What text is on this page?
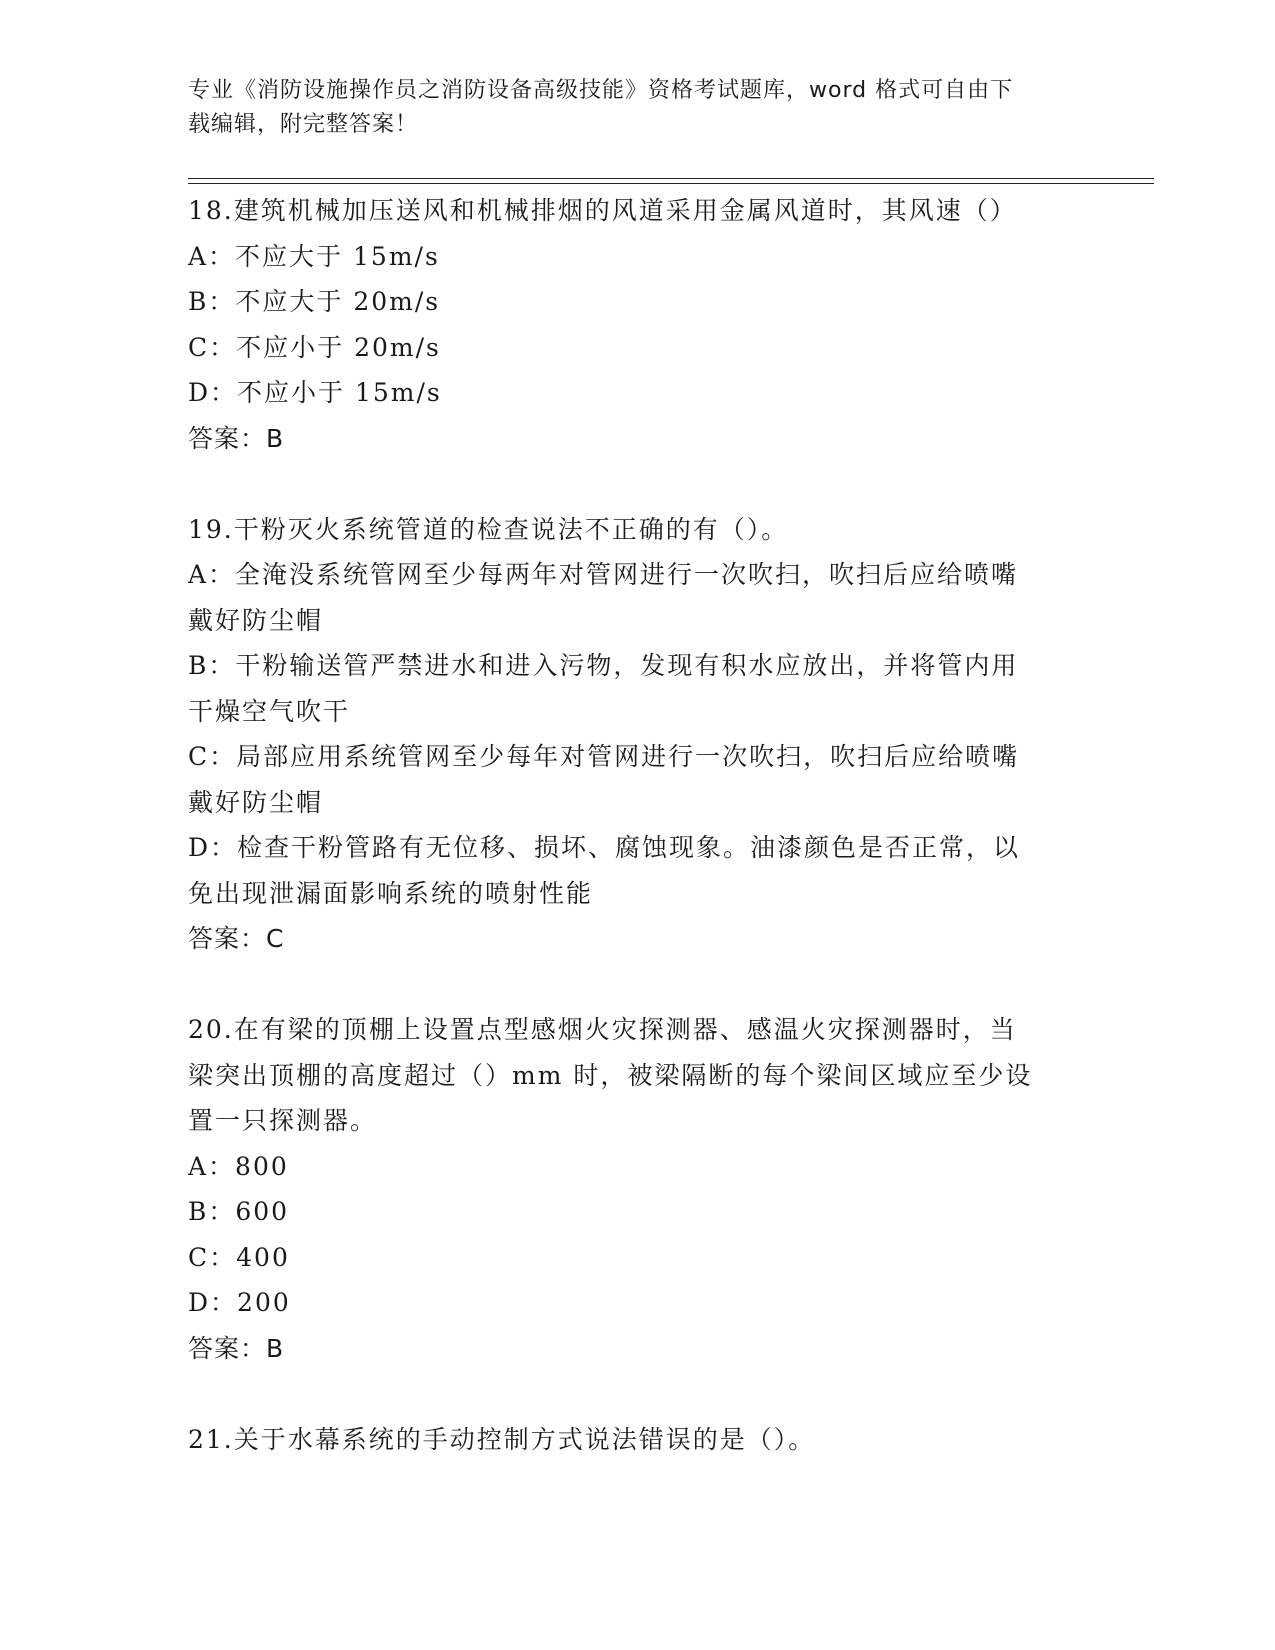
专业《消防设施操作员之消防设备高级技能》资格考试题库，word 格式可自由下
载编辑，附完整答案！
18.建筑机械加压送风和机械排烟的风道采用金属风道时，其风速（）
A：不应大于 15m/s
B：不应大于 20m/s
C：不应小于 20m/s
D：不应小于 15m/s
答案：B
19.干粉灭火系统管道的检查说法不正确的有（）。
A：全淹没系统管网至少每两年对管网进行一次吹扫，吹扫后应给喷嘴
戴好防尘帽
B：干粉输送管严禁进水和进入污物，发现有积水应放出，并将管内用
干燥空气吹干
C：局部应用系统管网至少每年对管网进行一次吹扫，吹扫后应给喷嘴
戴好防尘帽
D：检查干粉管路有无位移、损坏、腐蚀现象。油漆颜色是否正常，以
免出现泄漏面影响系统的喷射性能
答案：C
20.在有梁的顶棚上设置点型感烟火灾探测器、感温火灾探测器时，当
梁突出顶棚的高度超过（）mm 时，被梁隔断的每个梁间区域应至少设
置一只探测器。
A：800
B：600
C：400
D：200
答案：B
21.关于水幕系统的手动控制方式说法错误的是（）。
